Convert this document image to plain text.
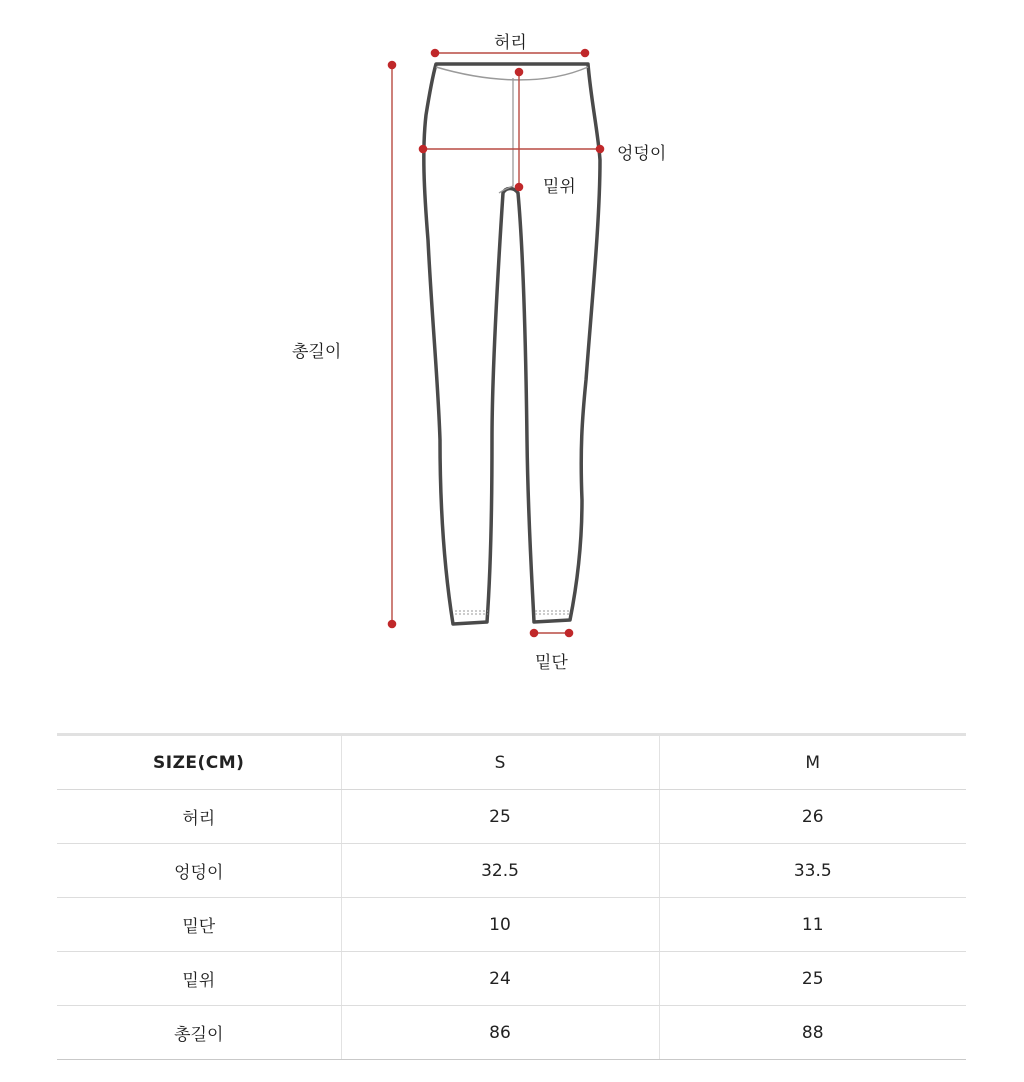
허리
엉덩이
밑위
총길이
밑단
SIZE(CM)	S	M
허리	25	26
엉덩이	32.5	33.5
밑단	10	11
밑위	24	25
총길이	86	88
